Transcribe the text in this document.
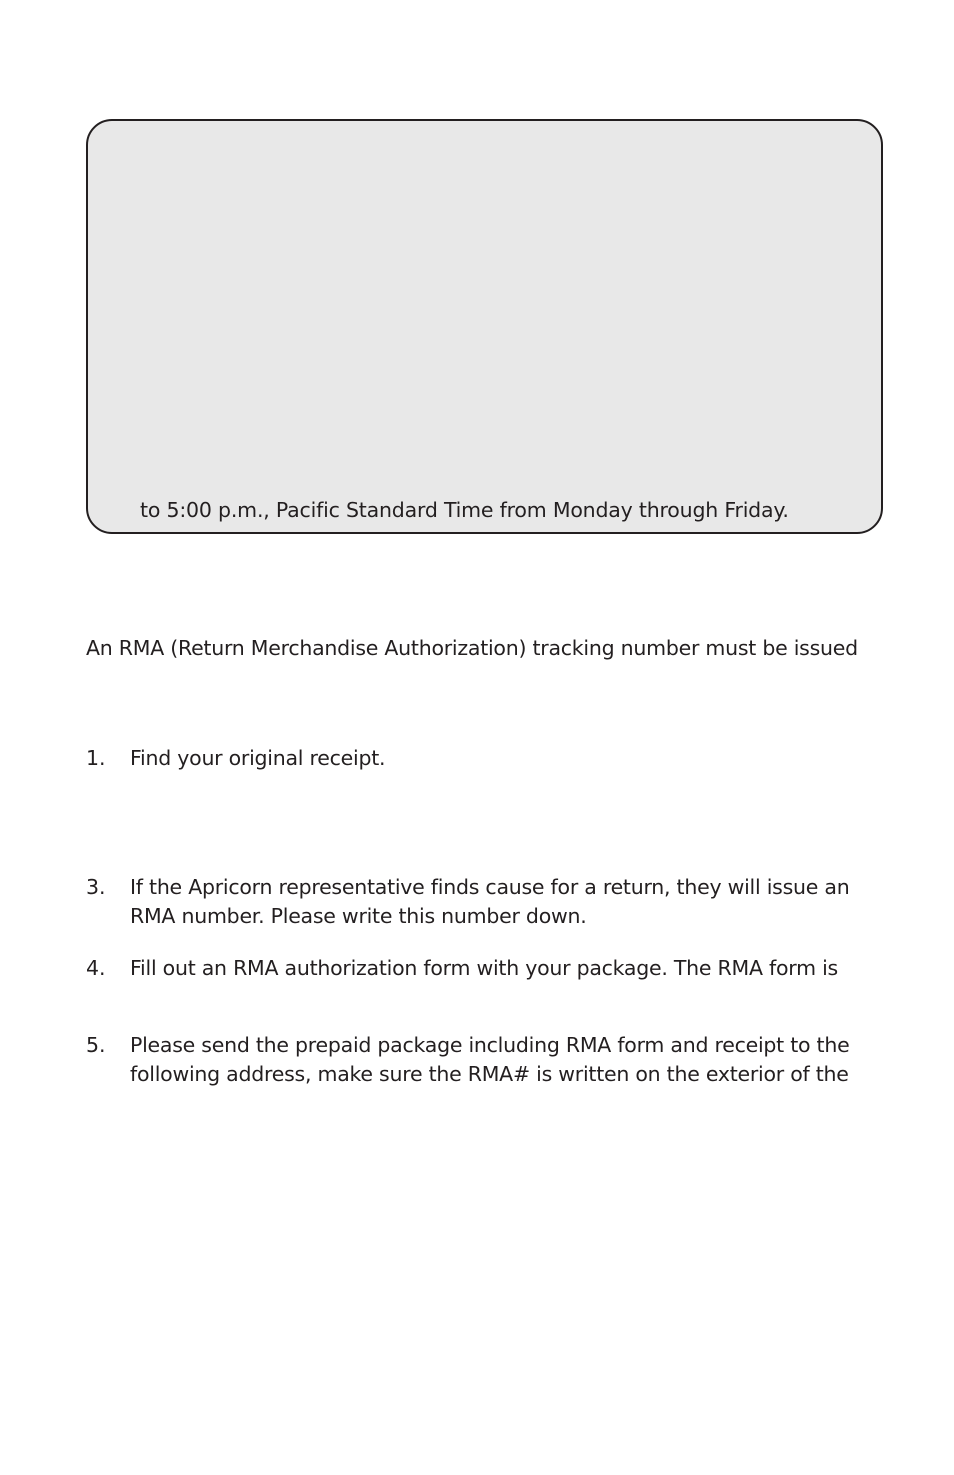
to 5:00 p.m., Pacific Standard Time from Monday through Friday.
An RMA (Return Merchandise Authorization) tracking number must be issued
1.	Find your original receipt.
3.	If the Apricorn representative finds cause for a return, they will issue an
RMA number. Please write this number down.
4.	Fill out an RMA authorization form with your package. The RMA form is
5.	Please send the prepaid package including RMA form and receipt to the
following address, make sure the RMA# is written on the exterior of the
